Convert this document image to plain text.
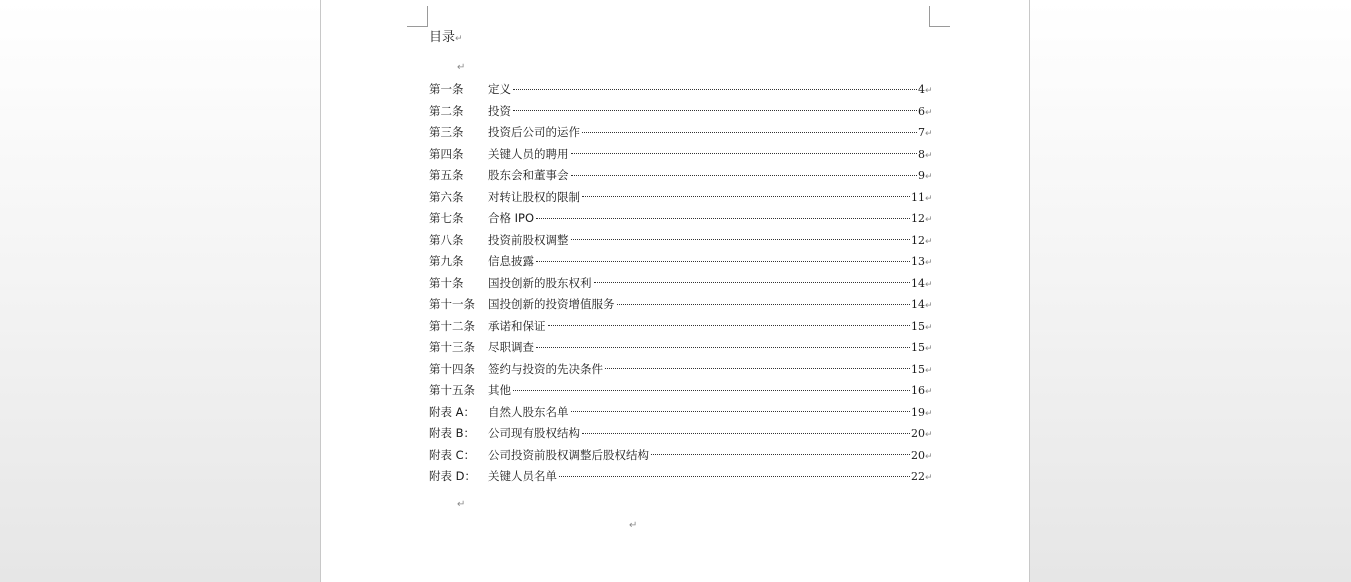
目录↵
↵
第一条	定义	4 ↵
第二条	投资	6 ↵
第三条	投资后公司的运作	7 ↵
第四条	关键人员的聘用	8 ↵
第五条	股东会和董事会	9 ↵
第六条	对转让股权的限制	11 ↵
第七条	合格 IPO	12 ↵
第八条	投资前股权调整	12 ↵
第九条	信息披露	13 ↵
第十条	国投创新的股东权利	14 ↵
第十一条	国投创新的投资增值服务	14 ↵
第十二条	承诺和保证	15 ↵
第十三条	尽职调查	15 ↵
第十四条	签约与投资的先决条件	15 ↵
第十五条	其他	16 ↵
附表 A：	自然人股东名单	19 ↵
附表 B：	公司现有股权结构	20 ↵
附表 C：	公司投资前股权调整后股权结构	20 ↵
附表 D：	关键人员名单	22 ↵
↵
↵
